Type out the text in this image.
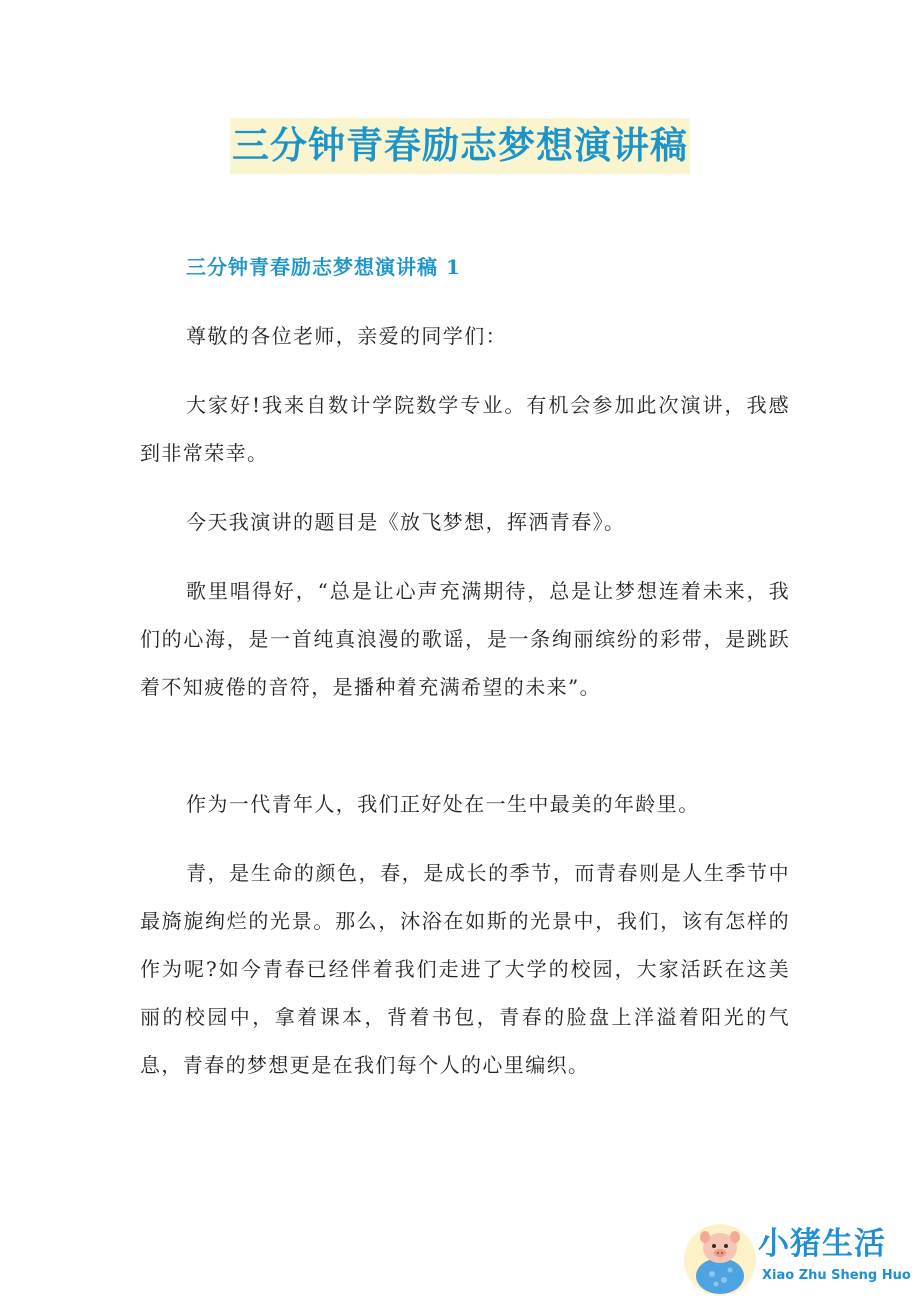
三分钟青春励志梦想演讲稿

三分钟青春励志梦想演讲稿 1

尊敬的各位老师，亲爱的同学们：

大家好!我来自数计学院数学专业。有机会参加此次演讲，我感到非常荣幸。

今天我演讲的题目是《放飞梦想，挥洒青春》。

歌里唱得好，“总是让心声充满期待，总是让梦想连着未来，我们的心海，是一首纯真浪漫的歌谣，是一条绚丽缤纷的彩带，是跳跃着不知疲倦的音符，是播种着充满希望的未来”。

作为一代青年人，我们正好处在一生中最美的年龄里。

青，是生命的颜色，春，是成长的季节，而青春则是人生季节中最旖旎绚烂的光景。那么，沐浴在如斯的光景中，我们，该有怎样的作为呢?如今青春已经伴着我们走进了大学的校园，大家活跃在这美丽的校园中，拿着课本，背着书包，青春的脸盘上洋溢着阳光的气息，青春的梦想更是在我们每个人的心里编织。

小猪生活
Xiao Zhu Sheng Huo
